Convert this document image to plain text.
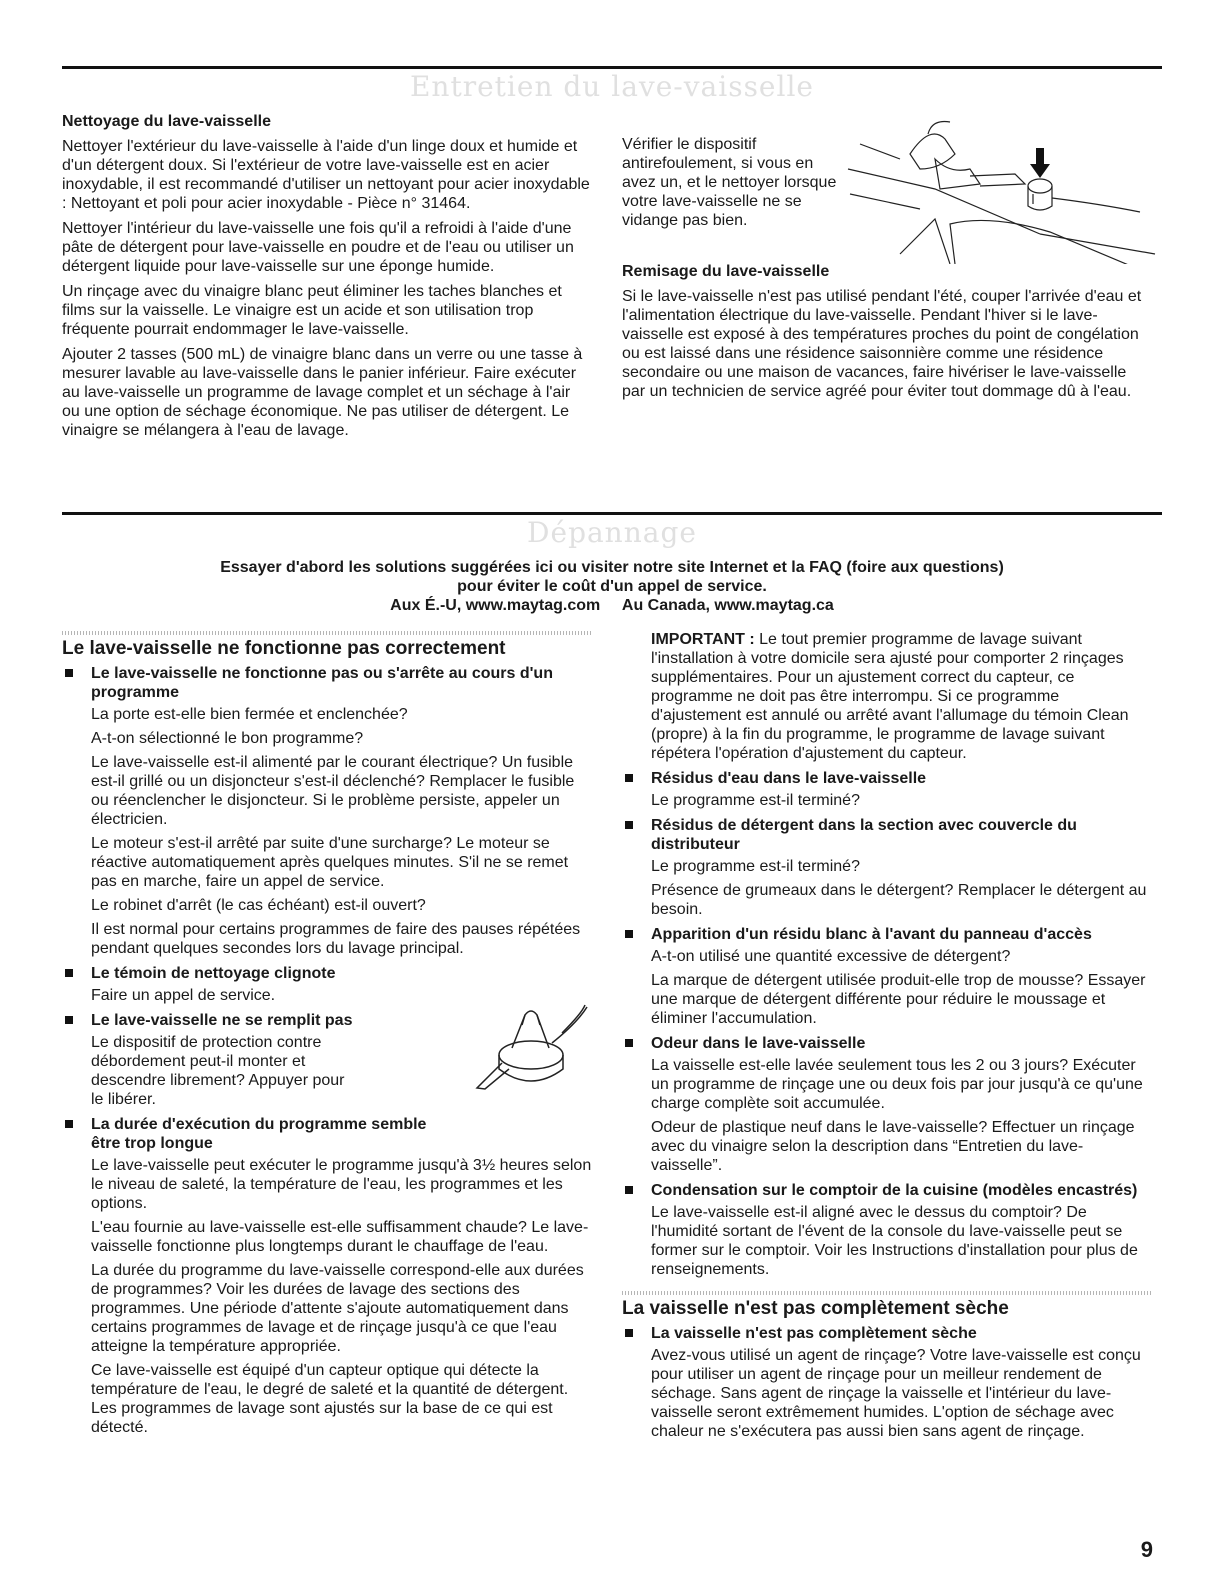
Entretien du lave-vaisselle

Nettoyage du lave-vaisselle

Nettoyer l'extérieur du lave-vaisselle à l'aide d'un linge doux et humide et d'un détergent doux. Si l'extérieur de votre lave-vaisselle est en acier inoxydable, il est recommandé d'utiliser un nettoyant pour acier inoxydable : Nettoyant et poli pour acier inoxydable - Pièce n° 31464.

Nettoyer l'intérieur du lave-vaisselle une fois qu'il a refroidi à l'aide d'une pâte de détergent pour lave-vaisselle en poudre et de l'eau ou utiliser un détergent liquide pour lave-vaisselle sur une éponge humide.

Un rinçage avec du vinaigre blanc peut éliminer les taches blanches et films sur la vaisselle. Le vinaigre est un acide et son utilisation trop fréquente pourrait endommager le lave-vaisselle.

Ajouter 2 tasses (500 mL) de vinaigre blanc dans un verre ou une tasse à mesurer lavable au lave-vaisselle dans le panier inférieur. Faire exécuter au lave-vaisselle un programme de lavage complet et un séchage à l'air ou une option de séchage économique. Ne pas utiliser de détergent. Le vinaigre se mélangera à l'eau de lavage.

Vérifier le dispositif antirefoulement, si vous en avez un, et le nettoyer lorsque votre lave-vaisselle ne se vidange pas bien.

Remisage du lave-vaisselle

Si le lave-vaisselle n'est pas utilisé pendant l'été, couper l'arrivée d'eau et l'alimentation électrique du lave-vaisselle. Pendant l'hiver si le lave-vaisselle est exposé à des températures proches du point de congélation ou est laissé dans une résidence saisonnière comme une résidence secondaire ou une maison de vacances, faire hivériser le lave-vaisselle par un technicien de service agréé pour éviter tout dommage dû à l'eau.

Dépannage
Essayer d'abord les solutions suggérées ici ou visiter notre site Internet et la FAQ (foire aux questions)
pour éviter le coût d'un appel de service.
Aux É.-U, www.maytag.com     Au Canada, www.maytag.ca

Le lave-vaisselle ne fonctionne pas correctement

Le lave-vaisselle ne fonctionne pas ou s'arrête au cours d'un programme

La porte est-elle bien fermée et enclenchée?

A-t-on sélectionné le bon programme?

Le lave-vaisselle est-il alimenté par le courant électrique? Un fusible est-il grillé ou un disjoncteur s'est-il déclenché? Remplacer le fusible ou réenclencher le disjoncteur. Si le problème persiste, appeler un électricien.

Le moteur s'est-il arrêté par suite d'une surcharge? Le moteur se réactive automatiquement après quelques minutes. S'il ne se remet pas en marche, faire un appel de service.

Le robinet d'arrêt (le cas échéant) est-il ouvert?

Il est normal pour certains programmes de faire des pauses répétées pendant quelques secondes lors du lavage principal.

Le témoin de nettoyage clignote

Faire un appel de service.

Le lave-vaisselle ne se remplit pas

Le dispositif de protection contre débordement peut-il monter et descendre librement? Appuyer pour le libérer.

La durée d'exécution du programme semble être trop longue

Le lave-vaisselle peut exécuter le programme jusqu'à 3½ heures selon le niveau de saleté, la température de l'eau, les programmes et les options.

L'eau fournie au lave-vaisselle est-elle suffisamment chaude? Le lave-vaisselle fonctionne plus longtemps durant le chauffage de l'eau.

La durée du programme du lave-vaisselle correspond-elle aux durées de programmes? Voir les durées de lavage des sections des programmes. Une période d'attente s'ajoute automatiquement dans certains programmes de lavage et de rinçage jusqu'à ce que l'eau atteigne la température appropriée.

Ce lave-vaisselle est équipé d'un capteur optique qui détecte la température de l'eau, le degré de saleté et la quantité de détergent. Les programmes de lavage sont ajustés sur la base de ce qui est détecté.

IMPORTANT : Le tout premier programme de lavage suivant l'installation à votre domicile sera ajusté pour comporter 2 rinçages supplémentaires. Pour un ajustement correct du capteur, ce programme ne doit pas être interrompu. Si ce programme d'ajustement est annulé ou arrêté avant l'allumage du témoin Clean (propre) à la fin du programme, le programme de lavage suivant répétera l'opération d'ajustement du capteur.

Résidus d'eau dans le lave-vaisselle

Le programme est-il terminé?

Résidus de détergent dans la section avec couvercle du distributeur

Le programme est-il terminé?

Présence de grumeaux dans le détergent? Remplacer le détergent au besoin.

Apparition d'un résidu blanc à l'avant du panneau d'accès

A-t-on utilisé une quantité excessive de détergent?

La marque de détergent utilisée produit-elle trop de mousse? Essayer une marque de détergent différente pour réduire le moussage et éliminer l'accumulation.

Odeur dans le lave-vaisselle

La vaisselle est-elle lavée seulement tous les 2 ou 3 jours? Exécuter un programme de rinçage une ou deux fois par jour jusqu'à ce qu'une charge complète soit accumulée.

Odeur de plastique neuf dans le lave-vaisselle? Effectuer un rinçage avec du vinaigre selon la description dans “Entretien du lave-vaisselle”.

Condensation sur le comptoir de la cuisine (modèles encastrés)

Le lave-vaisselle est-il aligné avec le dessus du comptoir? De l'humidité sortant de l'évent de la console du lave-vaisselle peut se former sur le comptoir. Voir les Instructions d'installation pour plus de renseignements.

La vaisselle n'est pas complètement sèche

La vaisselle n'est pas complètement sèche

Avez-vous utilisé un agent de rinçage? Votre lave-vaisselle est conçu pour utiliser un agent de rinçage pour un meilleur rendement de séchage. Sans agent de rinçage la vaisselle et l'intérieur du lave-vaisselle seront extrêmement humides. L'option de séchage avec chaleur ne s'exécutera pas aussi bien sans agent de rinçage.

9
